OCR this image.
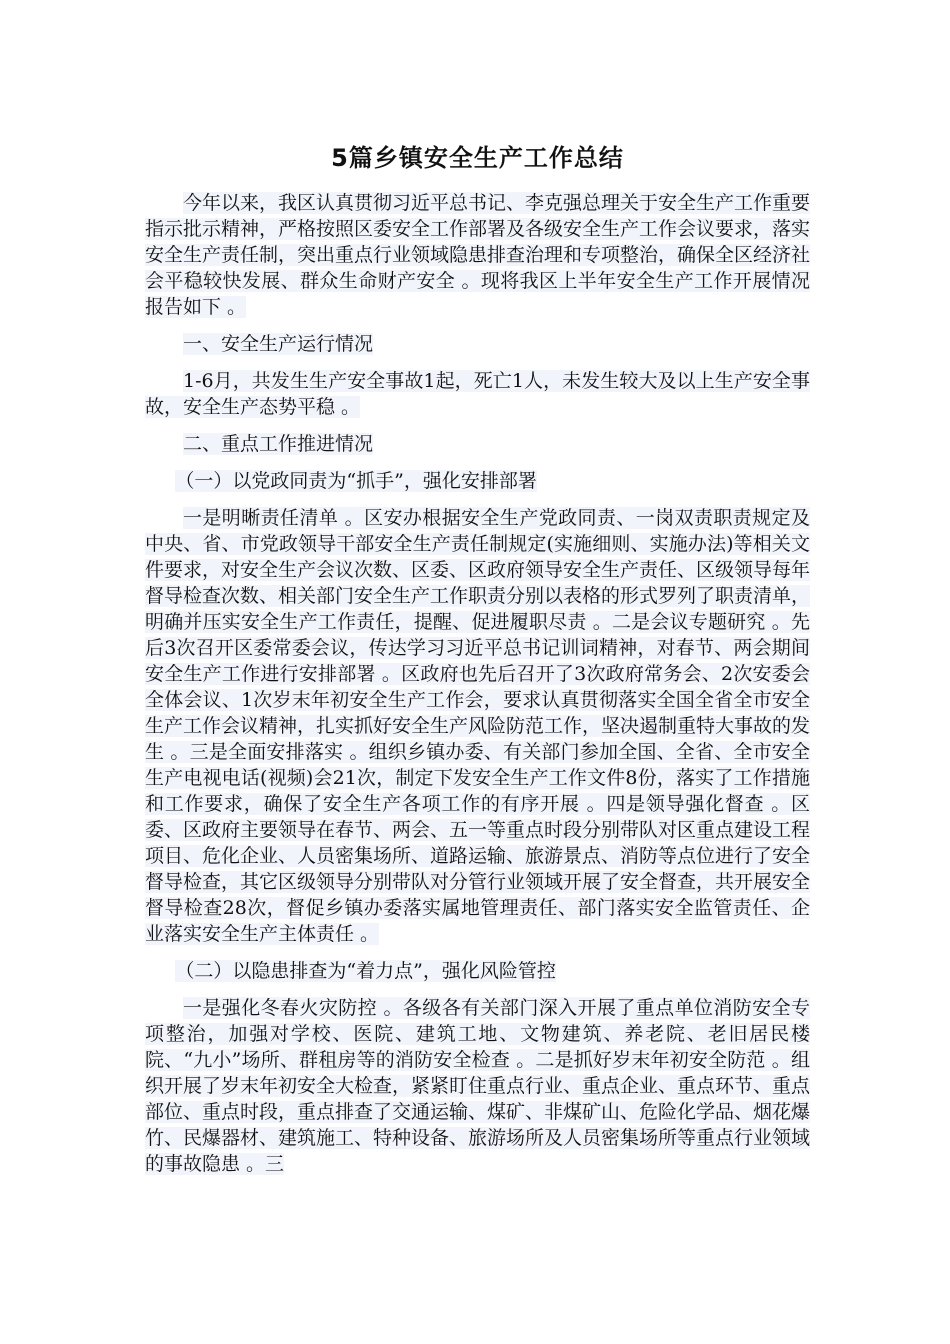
5篇乡镇安全生产工作总结

今年以来，我区认真贯彻习近平总书记、李克强总理关于安全生产工作重要指示批示精神，严格按照区委安全工作部署及各级安全生产工作会议要求，落实安全生产责任制，突出重点行业领域隐患排查治理和专项整治，确保全区经济社会平稳较快发展、群众生命财产安全 。现将我区上半年安全生产工作开展情况报告如下 。

一、安全生产运行情况

1-6月，共发生生产安全事故1起，死亡1人，未发生较大及以上生产安全事故，安全生产态势平稳 。

二、重点工作推进情况

（一）以党政同责为“抓手”，强化安排部署

一是明晰责任清单 。区安办根据安全生产党政同责、一岗双责职责规定及中央、省、市党政领导干部安全生产责任制规定(实施细则、实施办法)等相关文件要求，对安全生产会议次数、区委、区政府领导安全生产责任、区级领导每年督导检查次数、相关部门安全生产工作职责分别以表格的形式罗列了职责清单，明确并压实安全生产工作责任，提醒、促进履职尽责 。二是会议专题研究 。先后3次召开区委常委会议，传达学习习近平总书记训词精神，对春节、两会期间安全生产工作进行安排部署 。区政府也先后召开了3次政府常务会、2次安委会全体会议、1次岁末年初安全生产工作会，要求认真贯彻落实全国全省全市安全生产工作会议精神，扎实抓好安全生产风险防范工作，坚决遏制重特大事故的发生 。三是全面安排落实 。组织乡镇办委、有关部门参加全国、全省、全市安全生产电视电话(视频)会21次，制定下发安全生产工作文件8份，落实了工作措施和工作要求，确保了安全生产各项工作的有序开展 。四是领导强化督查 。区委、区政府主要领导在春节、两会、五一等重点时段分别带队对区重点建设工程项目、危化企业、人员密集场所、道路运输、旅游景点、消防等点位进行了安全督导检查，其它区级领导分别带队对分管行业领域开展了安全督查，共开展安全督导检查28次，督促乡镇办委落实属地管理责任、部门落实安全监管责任、企业落实安全生产主体责任 。

（二）以隐患排查为“着力点”，强化风险管控

一是强化冬春火灾防控 。各级各有关部门深入开展了重点单位消防安全专项整治，加强对学校、医院、建筑工地、文物建筑、养老院、老旧居民楼院、“九小”场所、群租房等的消防安全检查 。二是抓好岁末年初安全防范 。组织开展了岁末年初安全大检查，紧紧盯住重点行业、重点企业、重点环节、重点部位、重点时段，重点排查了交通运输、煤矿、非煤矿山、危险化学品、烟花爆竹、民爆器材、建筑施工、特种设备、旅游场所及人员密集场所等重点行业领域的事故隐患 。三
